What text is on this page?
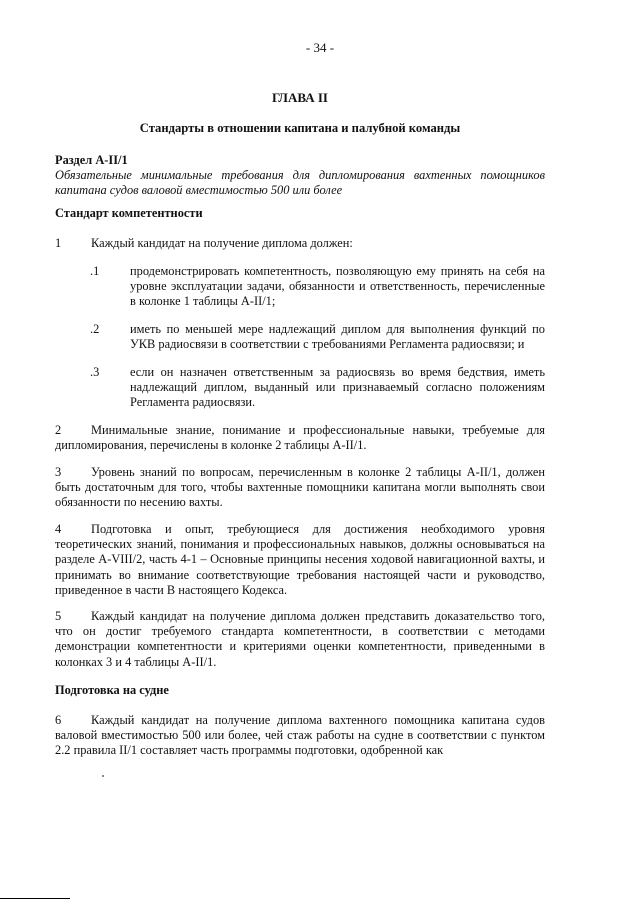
- 34 -
ГЛАВА II
Стандарты в отношении капитана и палубной команды
Раздел A-II/1
Обязательные минимальные требования для дипломирования вахтенных помощников капитана судов валовой вместимостью 500 или более
Стандарт компетентности
1 Каждый кандидат на получение диплома должен:
.1	продемонстрировать компетентность, позволяющую ему принять на себя на уровне эксплуатации задачи, обязанности и ответственность, перечисленные в колонке 1 таблицы A-II/1;
.2	иметь по меньшей мере надлежащий диплом для выполнения функций по УКВ радиосвязи в соответствии с требованиями Регламента радиосвязи; и
.3	если он назначен ответственным за радиосвязь во время бедствия, иметь надлежащий диплом, выданный или признаваемый согласно положениям Регламента радиосвязи.
2 Минимальные знание, понимание и профессиональные навыки, требуемые для дипломирования, перечислены в колонке 2 таблицы A-II/1.
3 Уровень знаний по вопросам, перечисленным в колонке 2 таблицы A-II/1, должен быть достаточным для того, чтобы вахтенные помощники капитана могли выполнять свои обязанности по несению вахты.
4 Подготовка и опыт, требующиеся для достижения необходимого уровня теоретических знаний, понимания и профессиональных навыков, должны основываться на разделе A-VIII/2, часть 4-1 – Основные принципы несения ходовой навигационной вахты, и принимать во внимание соответствующие требования настоящей части и руководство, приведенное в части B настоящего Кодекса.
5 Каждый кандидат на получение диплома должен представить доказательство того, что он достиг требуемого стандарта компетентности, в соответствии с методами демонстрации компетентности и критериями оценки компетентности, приведенными в колонках 3 и 4 таблицы A-II/1.
Подготовка на судне
6 Каждый кандидат на получение диплома вахтенного помощника капитана судов валовой вместимостью 500 или более, чей стаж работы на судне в соответствии с пунктом 2.2 правила II/1 составляет часть программы подготовки, одобренной как
